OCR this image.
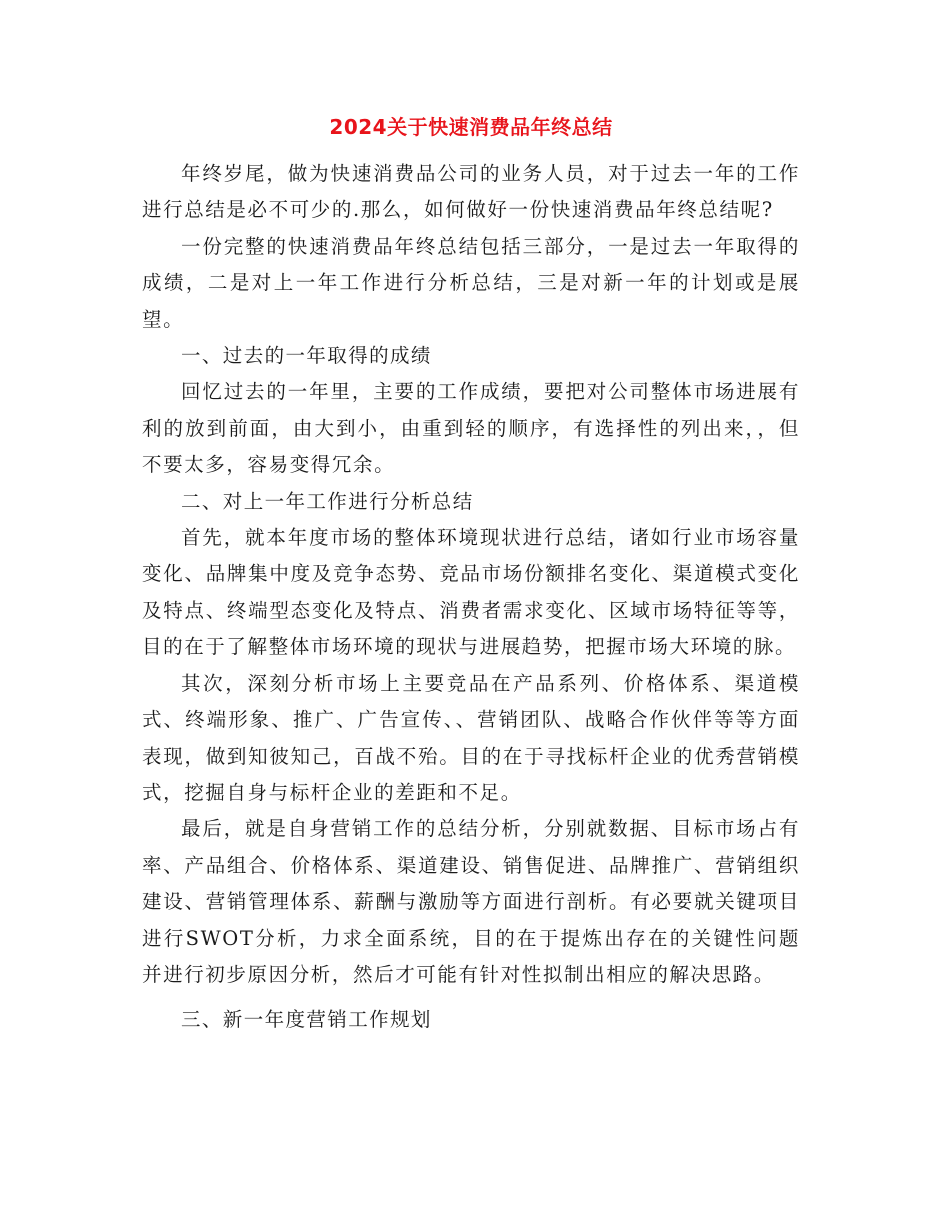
2024关于快速消费品年终总结

年终岁尾，做为快速消费品公司的业务人员，对于过去一年的工作进行总结是必不可少的.那么，如何做好一份快速消费品年终总结呢?

一份完整的快速消费品年终总结包括三部分，一是过去一年取得的成绩，二是对上一年工作进行分析总结，三是对新一年的计划或是展望。

一、过去的一年取得的成绩

回忆过去的一年里，主要的工作成绩，要把对公司整体市场进展有利的放到前面，由大到小，由重到轻的顺序，有选择性的列出来，，但不要太多，容易变得冗余。

二、对上一年工作进行分析总结

首先，就本年度市场的整体环境现状进行总结，诸如行业市场容量变化、品牌集中度及竞争态势、竞品市场份额排名变化、渠道模式变化及特点、终端型态变化及特点、消费者需求变化、区域市场特征等等，目的在于了解整体市场环境的现状与进展趋势，把握市场大环境的脉。

其次，深刻分析市场上主要竞品在产品系列、价格体系、渠道模式、终端形象、推广、广告宣传、、营销团队、战略合作伙伴等等方面表现，做到知彼知己，百战不殆。目的在于寻找标杆企业的优秀营销模式，挖掘自身与标杆企业的差距和不足。

最后，就是自身营销工作的总结分析，分别就数据、目标市场占有率、产品组合、价格体系、渠道建设、销售促进、品牌推广、营销组织建设、营销管理体系、薪酬与激励等方面进行剖析。有必要就关键项目进行SWOT分析，力求全面系统，目的在于提炼出存在的关键性问题并进行初步原因分析，然后才可能有针对性拟制出相应的解决思路。

三、新一年度营销工作规划
